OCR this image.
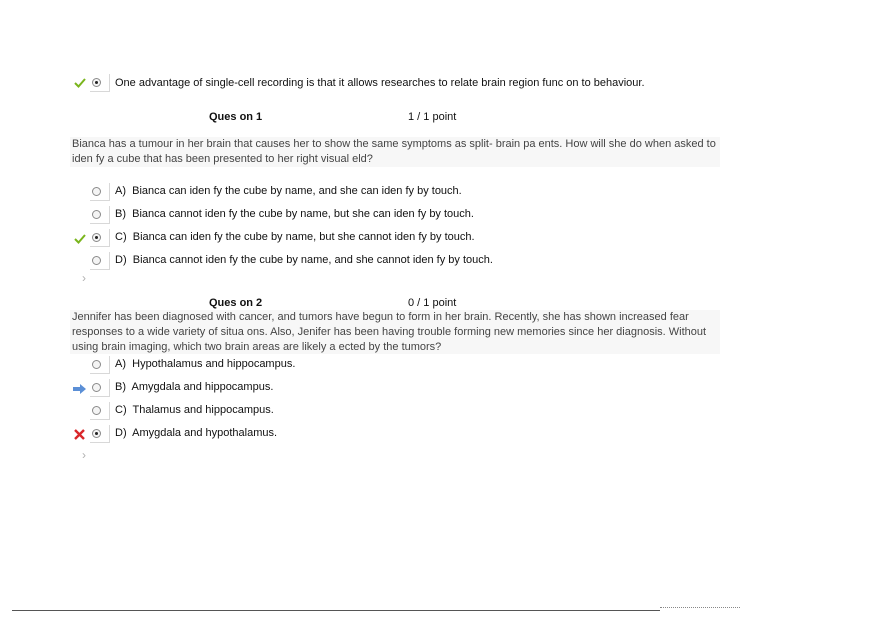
One advantage of single-cell recording is that it allows researches to relate brain region func on to behaviour.
Ques on 1	1 / 1 point
Bianca has a tumour in her brain that causes her to show the same symptoms as split- brain pa ents. How will she do when asked to
iden fy a cube that has been presented to her right visual eld?
A) Bianca can iden fy the cube by name, and she can iden fy by touch.
B) Bianca cannot iden fy the cube by name, but she can iden fy by touch.
C) Bianca can iden fy the cube by name, but she cannot iden fy by touch.
D) Bianca cannot iden fy the cube by name, and she cannot iden fy by touch.
›
Ques on 2	0 / 1 point
Jennifer has been diagnosed with cancer, and tumors have begun to form in her brain. Recently, she has shown increased fear
responses to a wide variety of situa ons. Also, Jenifer has been having trouble forming new memories since her diagnosis. Without
using brain imaging, which two brain areas are likely a ected by the tumors?
A) Hypothalamus and hippocampus.
B) Amygdala and hippocampus.
C) Thalamus and hippocampus.
D) Amygdala and hypothalamus.
›
